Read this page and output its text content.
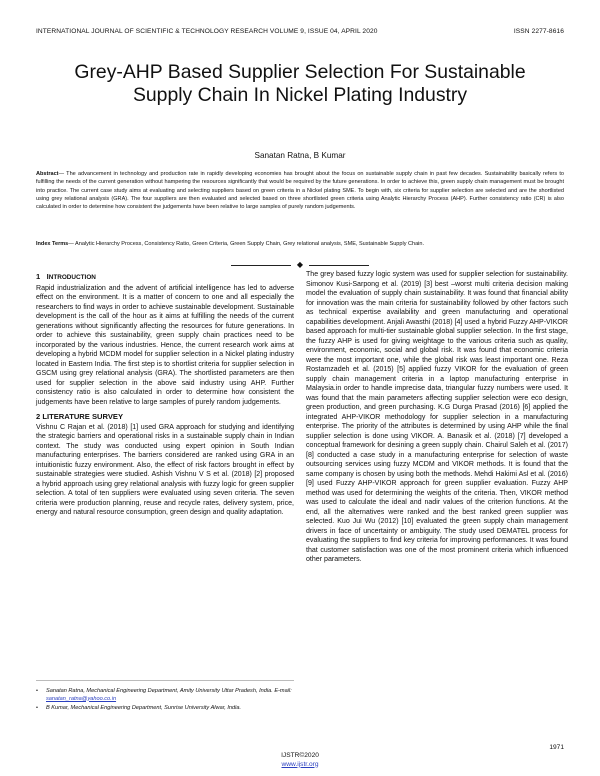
INTERNATIONAL JOURNAL OF SCIENTIFIC & TECHNOLOGY RESEARCH VOLUME 9, ISSUE 04, APRIL 2020	ISSN 2277-8616
Grey-AHP Based Supplier Selection For Sustainable Supply Chain In Nickel Plating Industry
Sanatan Ratna, B Kumar

Abstract— The advancement in technology and production rate in rapidly developing economies has brought about the focus on sustainable supply chain in past few decades. Sustainability basically refers to fulfilling the needs of the current generation without hampering the resources significantly that would be required by the future generations. In order to achieve this, green supply chain management must be brought into practice. The current case study aims at evaluating and selecting suppliers based on green criteria in a Nickel plating SME. To begin with, six criteria for supplier selection are selected and are the shortlisted using grey relational analysis (GRA). The four suppliers are then evaluated and selected based on three shortlisted green criteria using Analytic Hierarchy Process (AHP). Further consistency ratio (CR) is also calculated in order to determine how consistent the judgements have been relative to large samples of purely random judgements.

Index Terms— Analytic Hierarchy Process, Consistency Ratio, Green Criteria, Green Supply Chain, Grey relational analysis, SME, Sustainable Supply Chain.

◆
1 INTRODUCTION

Rapid industrialization and the advent of artificial intelligence has led to adverse effect on the environment. It is a matter of concern to one and all especially the researchers to find ways in order to achieve sustainable development. Sustainable development is the call of the hour as it aims at fulfilling the needs of the current generations without significantly affecting the resources for future generations. In order to achieve this sustainability, green supply chain practices need to be incorporated by the various industries. Hence, the current research work aims at developing a hybrid MCDM model for supplier selection in a Nickel plating industry located in Eastern India. The first step is to shortlist criteria for supplier selection in GSCM using grey relational analysis (GRA). The shortlisted parameters are then used for supplier selection in the above said industry using AHP. Further consistency ratio is also calculated in order to determine how consistent the judgements have been relative to large samples of purely random judgements.

2 LITERATURE SURVEY

Vishnu C Rajan et al. (2018) [1] used GRA approach for studying and identifying the strategic barriers and operational risks in a sustainable supply chain in Indian context. The study was conducted using expert opinion in South Indian manufacturing enterprises. The barriers considered are ranked using GRA in an intuitionistic fuzzy environment. Also, the effect of risk factors brought in effect by sustainable strategies were studied. Ashish Vishnu V S et al. (2018) [2] proposed a hybrid approach using grey relational analysis with fuzzy logic for green supplier selection. A total of ten suppliers were evaluated using seven criteria. The seven criteria were production planning, reuse and recycle rates, delivery system, price, energy and natural resource consumption, green design and quality adaptation.

The grey based fuzzy logic system was used for supplier selection for sustainability. Simonov Kusi-Sarpong et al. (2019) [3] best –worst multi criteria decision making model the evaluation of supply chain sustainability. It was found that financial ability for innovation was the main criteria for sustainability followed by other factors such as technical expertise availability and green manufacturing and operational capabilities development. Anjali Awasthi (2018) [4] used a hybrid Fuzzy AHP-VIKOR based approach for multi-tier sustainable global supplier selection. In the first stage, the fuzzy AHP is used for giving weightage to the various criteria such as quality, environment, economic, social and global risk. It was found that economic criteria were the most important one, while the global risk was least important one. Reza Rostamzadeh et al. (2015) [5] applied fuzzy VIKOR for the evaluation of green supply chain management criteria in a laptop manufacturing enterprise in Malaysia.in order to handle imprecise data, triangular fuzzy numbers were used. It was found that the main parameters affecting supplier selection were eco design, green production, and green purchasing. K.G Durga Prasad (2016) [6] applied the integrated AHP-VIKOR methodology for supplier selection in a manufacturing enterprise. The priority of the attributes is determined by using AHP while the final supplier selection is done using VIKOR. A. Banasik et al. (2018) [7] developed a conceptual framework for desining a green supply chain. Chairul Saleh et al. (2017) [8] conducted a case study in a manufacturing enterprise for selection of waste outsourcing services using fuzzy MCDM and VIKOR methods. It is found that the same company is chosen by using both the methods. Mehdi Hakimi Asl et al. (2016) [9] used Fuzzy AHP-VIKOR approach for green supplier evaluation. Fuzzy AHP method was used for determining the weights of the criteria. Then, VIKOR method was used to calculate the ideal and nadir values of the criterion functions. At the end, all the alternatives were ranked and the best ranked green supplier was selected. Kuo Jui Wu (2012) [10] evaluated the green supply chain management drivers in face of uncertainty or ambiguity. The study used DEMATEL process for evaluating the suppliers to find key criteria for improving performances. It was found that customer satisfaction was one of the most prominent criteria which influenced other parameters.

• Sanatan Ratna, Mechanical Engineering Department, Amity University Uttar Pradesh, India. E-mail: sanatan_ratna@yahoo.co.in
• B Kumar, Mechanical Engineering Department, Sunrise University Alwar, India.
1971
IJSTR©2020
www.ijstr.org
